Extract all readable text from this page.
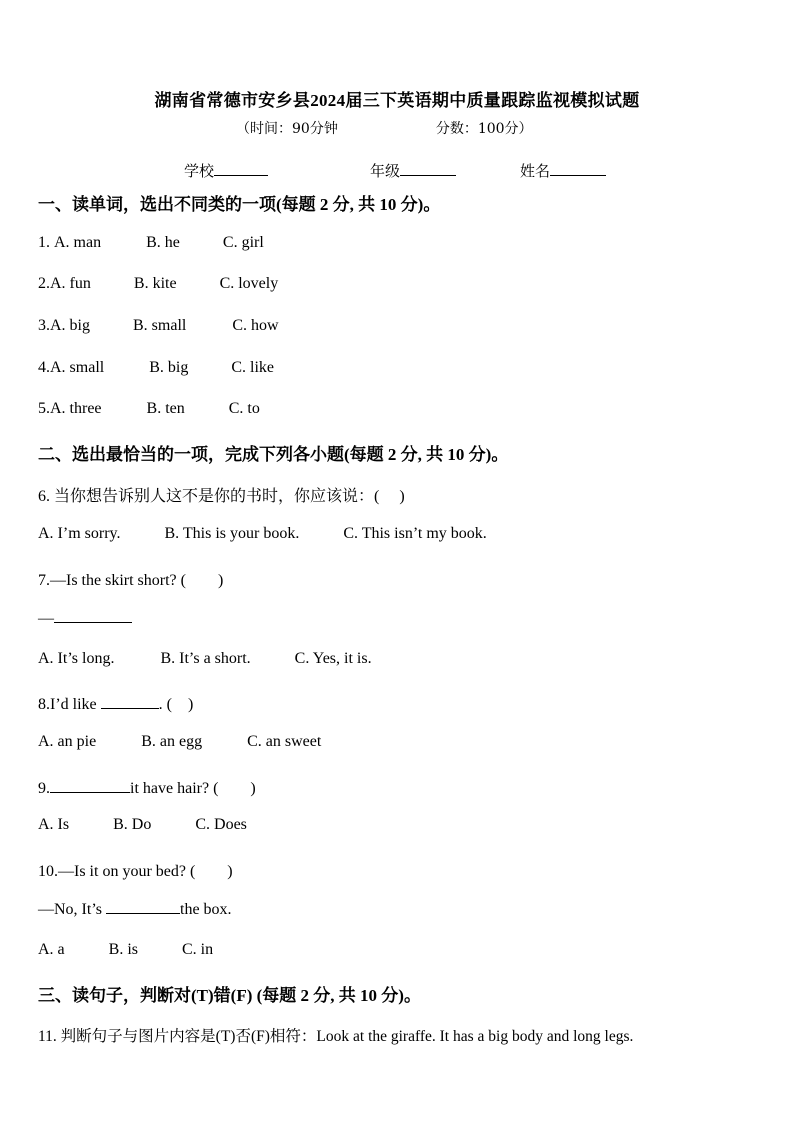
湖南省常德市安乡县2024届三下英语期中质量跟踪监视模拟试题
（时间：90分钟	分数：100分）
学校	年级	姓名
一、读单词，选出不同类的一项(每题 2 分, 共 10 分)。
1. A. man	B. he	C. girl
2.A. fun	B. kite	C. lovely
3.A. big	B. small	C. how
4.A. small	B. big	C. like
5.A. three	B. ten	C. to
二、选出最恰当的一项，完成下列各小题(每题 2 分, 共 10 分)。
6. 当你想告诉别人这不是你的书时，你应该说：(　 )
A. I’m sorry.	B. This is your book.	C. This isn’t my book.
7.—Is the skirt short? (　　)
—
A. It’s long.	B. It’s a short.	C. Yes, it is.
8.I’d like	. (　)
A. an pie	B. an egg	C. an sweet
9.	it have hair? (　　)
A. Is	B. Do	C. Does
10.—Is it on your bed? (　　)
—No, It’s	the box.
A. a	B. is	C. in
三、读句子，判断对(T)错(F) (每题 2 分, 共 10 分)。
11. 判断句子与图片内容是(T)否(F)相符：Look at the giraffe. It has a big body and long legs.
